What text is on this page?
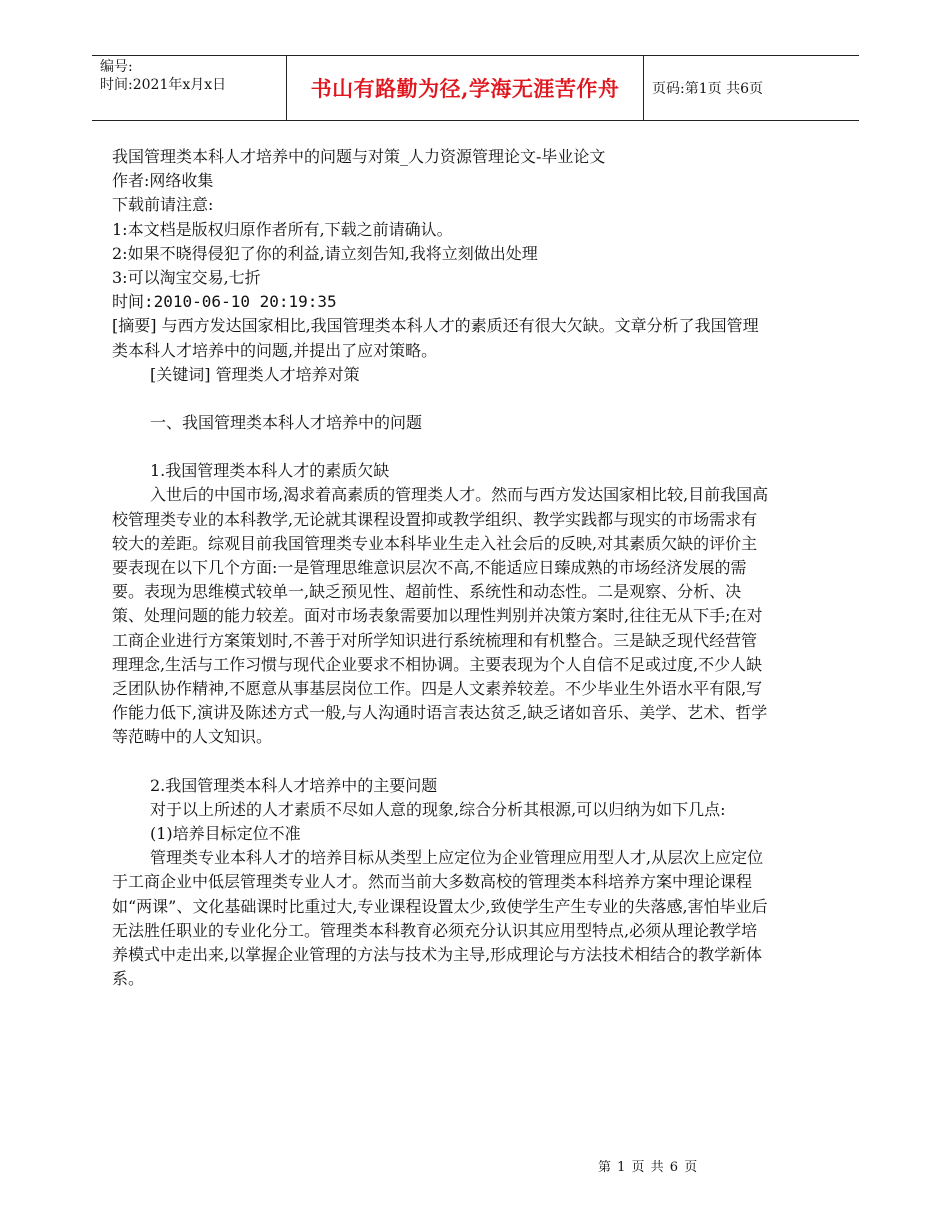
编号:
时间:2021年x月x日	书山有路勤为径,学海无涯苦作舟	页码:第1页 共6页

我国管理类本科人才培养中的问题与对策_人力资源管理论文-毕业论文

作者:网络收集

下载前请注意:

1:本文档是版权归原作者所有,下载之前请确认。

2:如果不晓得侵犯了你的利益,请立刻告知,我将立刻做出处理

3:可以淘宝交易,七折

时间:2010-06-10 20:19:35

[摘要] 与西方发达国家相比,我国管理类本科人才的素质还有很大欠缺。文章分析了我国管理类本科人才培养中的问题,并提出了应对策略。

[关键词] 管理类人才培养对策

一、我国管理类本科人才培养中的问题

1.我国管理类本科人才的素质欠缺

入世后的中国市场,渴求着高素质的管理类人才。然而与西方发达国家相比较,目前我国高校管理类专业的本科教学,无论就其课程设置抑或教学组织、教学实践都与现实的市场需求有较大的差距。综观目前我国管理类专业本科毕业生走入社会后的反映,对其素质欠缺的评价主要表现在以下几个方面:一是管理思维意识层次不高,不能适应日臻成熟的市场经济发展的需要。表现为思维模式较单一,缺乏预见性、超前性、系统性和动态性。二是观察、分析、决策、处理问题的能力较差。面对市场表象需要加以理性判别并决策方案时,往往无从下手;在对工商企业进行方案策划时,不善于对所学知识进行系统梳理和有机整合。三是缺乏现代经营管理理念,生活与工作习惯与现代企业要求不相协调。主要表现为个人自信不足或过度,不少人缺乏团队协作精神,不愿意从事基层岗位工作。四是人文素养较差。不少毕业生外语水平有限,写作能力低下,演讲及陈述方式一般,与人沟通时语言表达贫乏,缺乏诸如音乐、美学、艺术、哲学等范畴中的人文知识。

2.我国管理类本科人才培养中的主要问题

对于以上所述的人才素质不尽如人意的现象,综合分析其根源,可以归纳为如下几点:

(1)培养目标定位不准

管理类专业本科人才的培养目标从类型上应定位为企业管理应用型人才,从层次上应定位于工商企业中低层管理类专业人才。然而当前大多数高校的管理类本科培养方案中理论课程如“两课”、文化基础课时比重过大,专业课程设置太少,致使学生产生专业的失落感,害怕毕业后无法胜任职业的专业化分工。管理类本科教育必须充分认识其应用型特点,必须从理论教学培养模式中走出来,以掌握企业管理的方法与技术为主导,形成理论与方法技术相结合的教学新体系。

第 1 页 共 6 页
